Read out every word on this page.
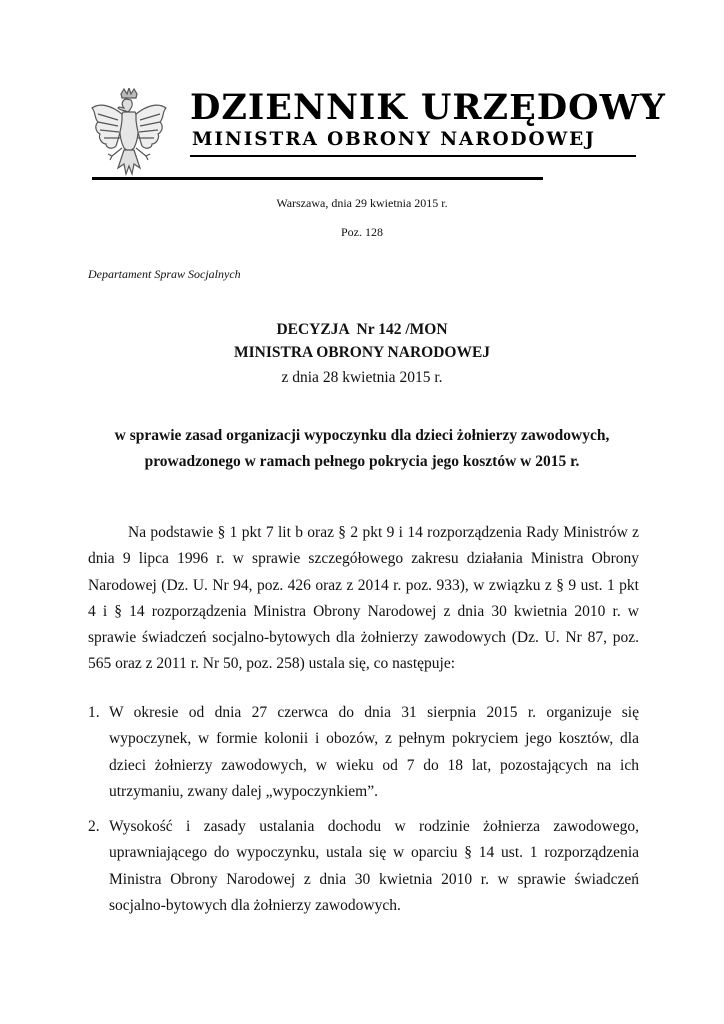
DZIENNIK URZĘDOWY
MINISTRA OBRONY NARODOWEJ
Warszawa, dnia 29 kwietnia 2015 r.
Poz. 128
Departament Spraw Socjalnych
DECYZJA  Nr 142 /MON
MINISTRA OBRONY NARODOWEJ
z dnia 28 kwietnia 2015 r.
w sprawie zasad organizacji wypoczynku dla dzieci żołnierzy zawodowych,
prowadzonego w ramach pełnego pokrycia jego kosztów w 2015 r.

Na podstawie § 1 pkt 7 lit b oraz § 2 pkt 9 i 14 rozporządzenia Rady Ministrów z dnia 9 lipca 1996 r. w sprawie szczegółowego zakresu działania Ministra Obrony Narodowej (Dz. U. Nr 94, poz. 426 oraz z 2014 r. poz. 933), w związku z § 9 ust. 1 pkt 4 i § 14 rozporządzenia Ministra Obrony Narodowej z dnia 30 kwietnia 2010 r. w sprawie świadczeń socjalno-bytowych dla żołnierzy zawodowych (Dz. U. Nr 87, poz. 565 oraz z 2011 r. Nr 50, poz. 258) ustala się, co następuje:

1. W okresie od dnia 27 czerwca do dnia 31 sierpnia 2015 r. organizuje się wypoczynek, w formie kolonii i obozów, z pełnym pokryciem jego kosztów, dla dzieci żołnierzy zawodowych, w wieku od 7 do 18 lat, pozostających na ich utrzymaniu, zwany dalej „wypoczynkiem”.
2. Wysokość i zasady ustalania dochodu w rodzinie żołnierza zawodowego, uprawniającego do wypoczynku, ustala się w oparciu § 14 ust. 1 rozporządzenia Ministra Obrony Narodowej z dnia 30 kwietnia 2010 r. w sprawie świadczeń socjalno-bytowych dla żołnierzy zawodowych.
